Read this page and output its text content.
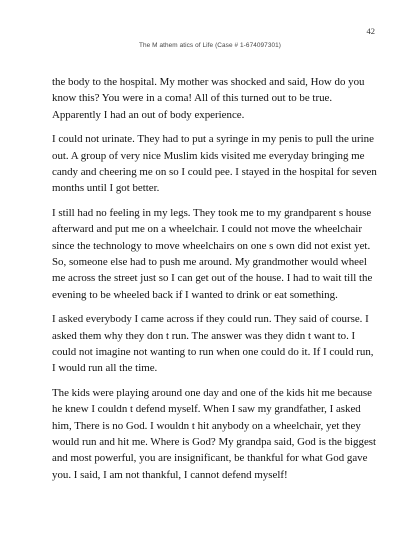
42
The M athem atics of Life (Case # 1-674097301)

the body to the hospital. My mother was shocked and said, How do you know this? You were in a coma! All of this turned out to be true. Apparently I had an out of body experience.

I could not urinate. They had to put a syringe in my penis to pull the urine out. A group of very nice Muslim kids visited me everyday bringing me candy and cheering me on so I could pee. I stayed in the hospital for seven months until I got better.

I still had no feeling in my legs. They took me to my grandparent s house afterward and put me on a wheelchair. I could not move the wheelchair since the technology to move wheelchairs on one s own did not exist yet. So, someone else had to push me around. My grandmother would wheel me across the street just so I can get out of the house. I had to wait till the evening to be wheeled back if I wanted to drink or eat something.

I asked everybody I came across if they could run. They said of course. I asked them why they don t run. The answer was they didn t want to. I could not imagine not wanting to run when one could do it. If I could run, I would run all the time.

The kids were playing around one day and one of the kids hit me because he knew I couldn t defend myself. When I saw my grandfather, I asked him, There is no God. I wouldn t hit anybody on a wheelchair, yet they would run and hit me. Where is God? My grandpa said, God is the biggest and most powerful, you are insignificant, be thankful for what God gave you. I said, I am not thankful, I cannot defend myself!
